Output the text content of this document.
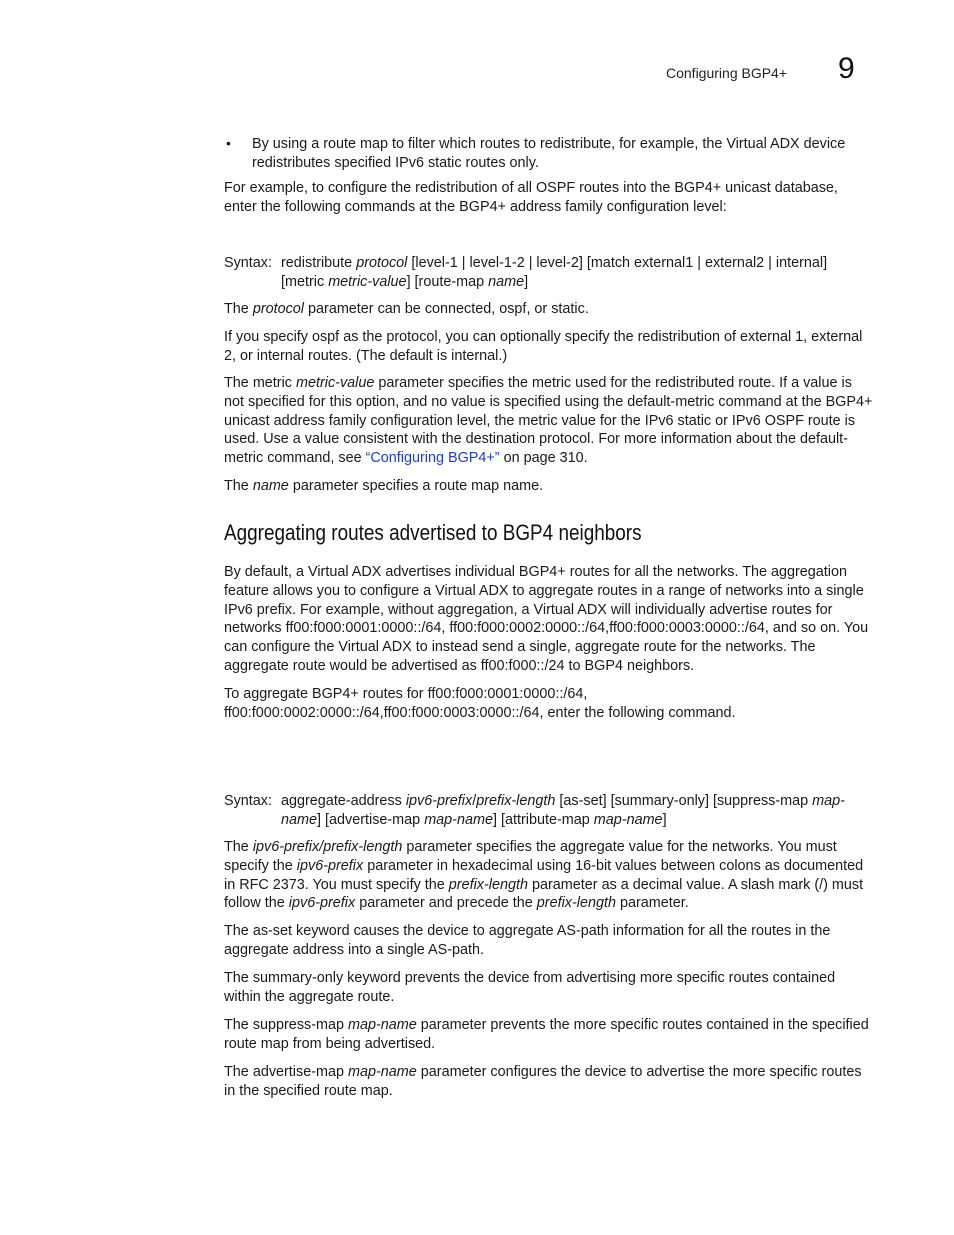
Configuring BGP4+ 9
• By using a route map to filter which routes to redistribute, for example, the Virtual ADX device redistributes specified IPv6 static routes only.
For example, to configure the redistribution of all OSPF routes into the BGP4+ unicast database, enter the following commands at the BGP4+ address family configuration level:
Syntax: redistribute protocol [level-1 | level-1-2 | level-2] [match external1 | external2 | internal] [metric metric-value] [route-map name]
The protocol parameter can be connected, ospf, or static.
If you specify ospf as the protocol, you can optionally specify the redistribution of external 1, external 2, or internal routes. (The default is internal.)
The metric metric-value parameter specifies the metric used for the redistributed route. If a value is not specified for this option, and no value is specified using the default-metric command at the BGP4+ unicast address family configuration level, the metric value for the IPv6 static or IPv6 OSPF route is used. Use a value consistent with the destination protocol. For more information about the default-metric command, see “Configuring BGP4+” on page 310.
The name parameter specifies a route map name.
Aggregating routes advertised to BGP4 neighbors
By default, a Virtual ADX advertises individual BGP4+ routes for all the networks. The aggregation feature allows you to configure a Virtual ADX to aggregate routes in a range of networks into a single IPv6 prefix. For example, without aggregation, a Virtual ADX will individually advertise routes for networks ff00:f000:0001:0000::/64, ff00:f000:0002:0000::/64,ff00:f000:0003:0000::/64, and so on. You can configure the Virtual ADX to instead send a single, aggregate route for the networks. The aggregate route would be advertised as ff00:f000::/24 to BGP4 neighbors.
To aggregate BGP4+ routes for ff00:f000:0001:0000::/64, ff00:f000:0002:0000::/64,ff00:f000:0003:0000::/64, enter the following command.
Syntax: aggregate-address ipv6-prefix/prefix-length [as-set] [summary-only] [suppress-map map-name] [advertise-map map-name] [attribute-map map-name]
The ipv6-prefix/prefix-length parameter specifies the aggregate value for the networks. You must specify the ipv6-prefix parameter in hexadecimal using 16-bit values between colons as documented in RFC 2373. You must specify the prefix-length parameter as a decimal value. A slash mark (/) must follow the ipv6-prefix parameter and precede the prefix-length parameter.
The as-set keyword causes the device to aggregate AS-path information for all the routes in the aggregate address into a single AS-path.
The summary-only keyword prevents the device from advertising more specific routes contained within the aggregate route.
The suppress-map map-name parameter prevents the more specific routes contained in the specified route map from being advertised.
The advertise-map map-name parameter configures the device to advertise the more specific routes in the specified route map.
